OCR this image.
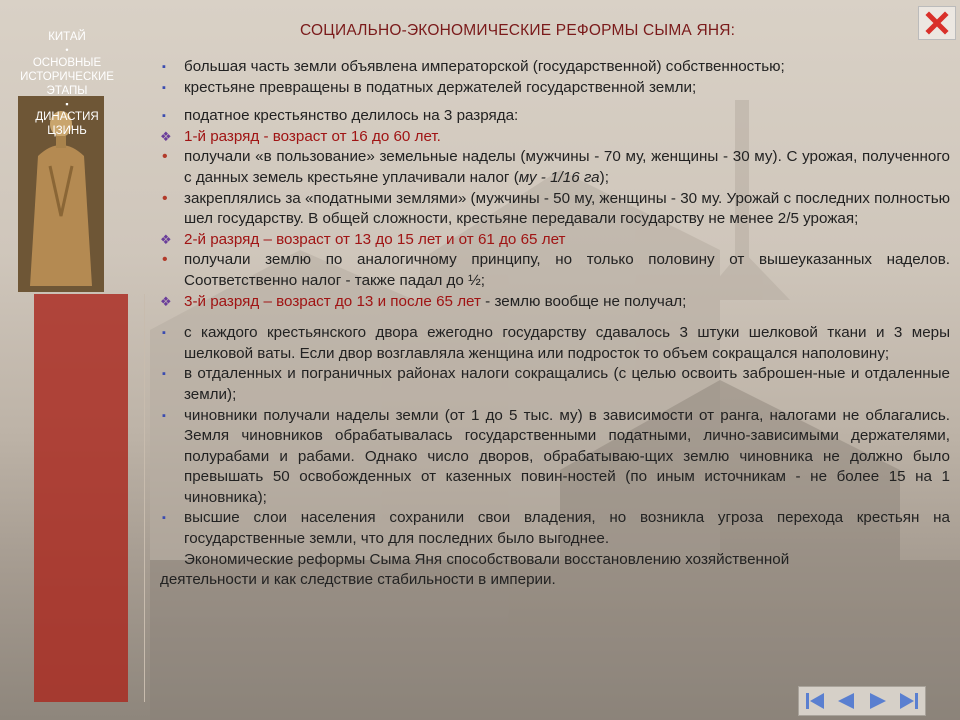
СОЦИАЛЬНО-ЭКОНОМИЧЕСКИЕ РЕФОРМЫ СЫМА ЯНЯ:
КИТАЙ
•
ОСНОВНЫЕ ИСТОРИЧЕСКИЕ ЭТАПЫ
▪
ДИНАСТИЯ ЦЗИНЬ
▪ большая часть земли объявлена императорской (государственной) собственностью;
▪ крестьяне превращены в податных держателей государственной земли;
▪ податное крестьянство делилось на 3 разряда:
❖ 1-й разряд - возраст от 16 до 60 лет.
• получали «в пользование» земельные наделы (мужчины - 70 му, женщины - 30 му). С урожая, полученного с данных земель крестьяне уплачивали налог (му - 1/16 га);
• закреплялись за «податными землями» (мужчины - 50 му, женщины - 30 му. Урожай с последних полностью шел государству. В общей сложности, крестьяне передавали государству не менее 2/5 урожая;
❖ 2-й разряд – возраст от 13 до 15 лет и от 61 до 65 лет
• получали землю по аналогичному принципу, но только половину от вышеуказанных наделов. Соответственно налог - также падал до ½;
❖ 3-й разряд – возраст до 13 и после 65 лет - землю вообще не получал;
▪ с каждого крестьянского двора ежегодно государству сдавалось 3 штуки шелковой ткани и 3 меры шелковой ваты. Если двор возглавляла женщина или подросток то объем сокращался наполовину;
▪ в отдаленных и пограничных районах налоги сокращались (с целью освоить заброшен-ные и отдаленные земли);
▪ чиновники получали наделы земли (от 1 до 5 тыс. му) в зависимости от ранга, налогами не облагались. Земля чиновников обрабатывалась государственными податными, лично-зависимыми держателями, полурабами и рабами. Однако число дворов, обрабатываю-щих землю чиновника не должно было превышать 50 освобожденных от казенных повин-ностей (по иным источникам - не более 15 на 1 чиновника);
▪ высшие слои населения сохранили свои владения, но возникла угроза перехода крестьян на государственные земли, что для последних было выгоднее.
Экономические реформы Сыма Яня способствовали восстановлению хозяйственной
деятельности и как следствие стабильности в империи.
